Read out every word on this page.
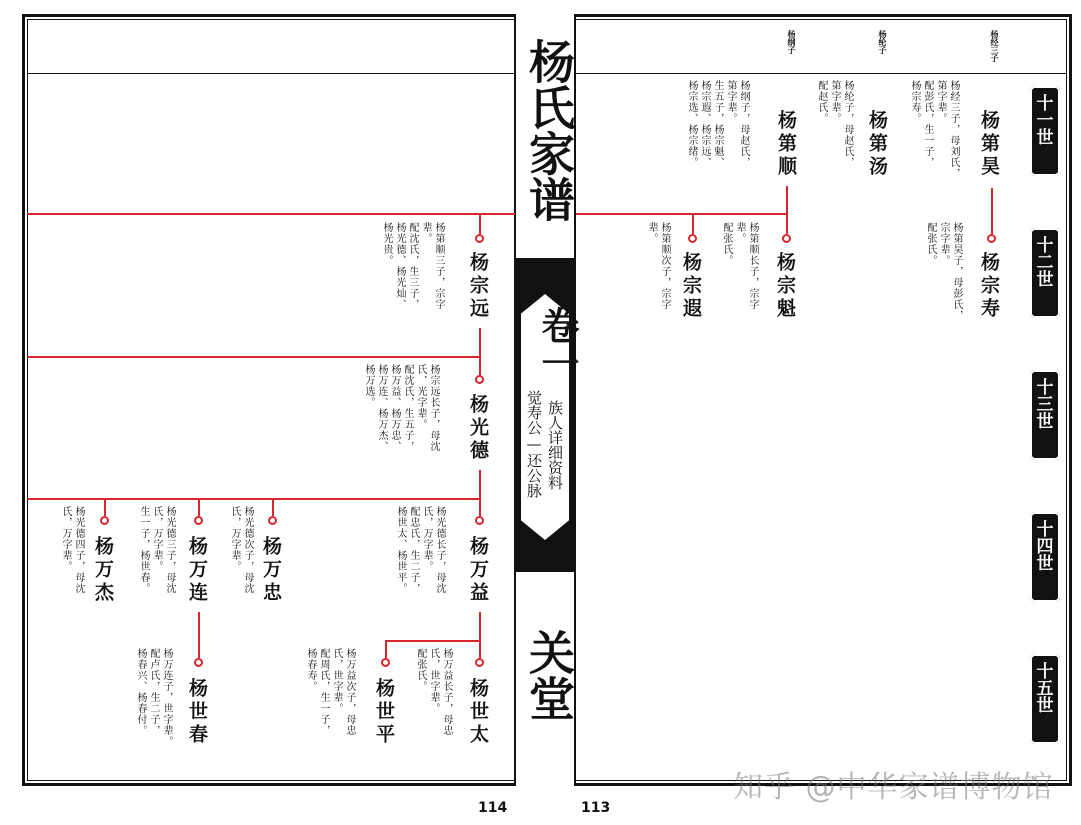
杨经三子
杨纶子
杨纲子
十一世
十二世
十三世
十四世
十五世
杨第昊
杨经三子，母刘氏，
第字辈。
配彭氏，生一子，
杨宗寿。
杨第汤
杨纶子，母赵氏，
第字辈。
配赵氏。
杨第顺
杨纲子，母赵氏，
第字辈。
生五子，杨宗魁、
杨宗遐、杨宗远、
杨宗选、杨宗绪。
杨宗寿
杨第昊子，母彭氏，
宗字辈。
配张氏。
杨宗魁
杨第顺长子，宗字
辈。
配张氏。
杨宗遐
杨第顺次子，宗字
辈。
杨氏家谱
卷一
族人详细资料
觉寿公—还公脉
关堂
杨宗远
杨第顺三子，宗字
辈。
配沈氏，生三子，
杨光德、杨光灿、
杨光贵。
杨光德
杨宗远长子，母沈
氏，光字辈。
配沈氏，生五子，
杨万益、杨万忠、
杨万连、杨万杰、
杨万选。
杨万益
杨光德长子，母沈
氏，万字辈。
配忠氏，生二子，
杨世太、杨世平。
杨万忠
杨光德次子，母沈
氏，万字辈。
杨万连
杨光德三子，母沈
氏，万字辈。
生一子，杨世春。
杨万杰
杨光德四子，母沈
氏，万字辈。
杨世太
杨万益长子，母忠
氏，世字辈。
配张氏。
杨世平
杨万益次子，母忠
氏，世字辈。
配周氏，生一子，
杨春寿。
杨世春
杨万连子，世字辈。
配卢氏，生二子，
杨春兴、杨春付。
114	113
知乎 @中华家谱博物馆
